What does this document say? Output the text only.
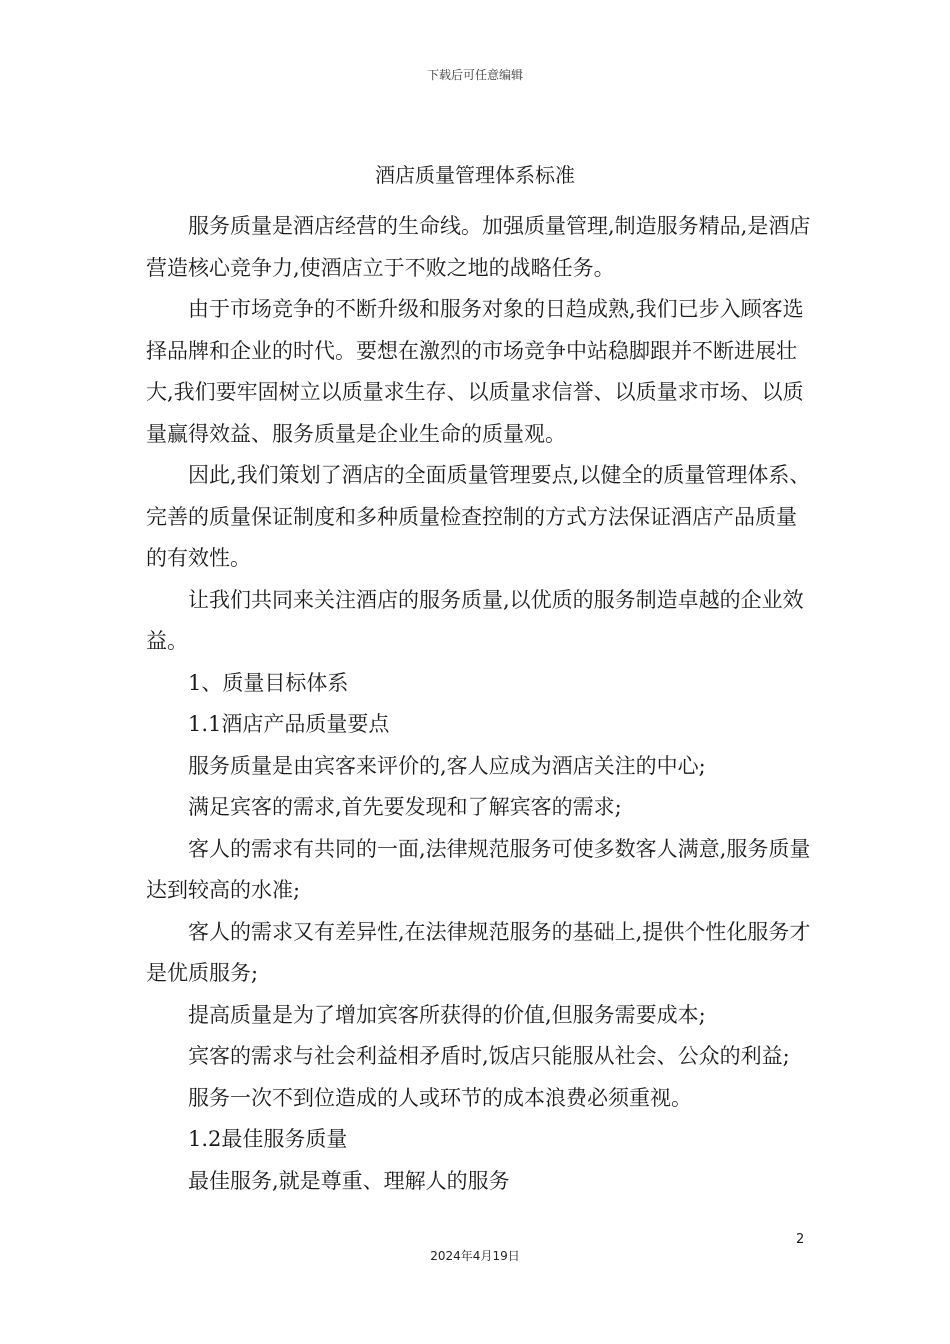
下载后可任意编辑
酒店质量管理体系标准

服务质量是酒店经营的生命线。加强质量管理,制造服务精品,是酒店营造核心竞争力,使酒店立于不败之地的战略任务。

由于市场竞争的不断升级和服务对象的日趋成熟,我们已步入顾客选择品牌和企业的时代。要想在激烈的市场竞争中站稳脚跟并不断进展壮大,我们要牢固树立以质量求生存、以质量求信誉、以质量求市场、以质量赢得效益、服务质量是企业生命的质量观。

因此,我们策划了酒店的全面质量管理要点,以健全的质量管理体系、完善的质量保证制度和多种质量检查控制的方式方法保证酒店产品质量的有效性。

让我们共同来关注酒店的服务质量,以优质的服务制造卓越的企业效益。

1、质量目标体系

1.1酒店产品质量要点

服务质量是由宾客来评价的,客人应成为酒店关注的中心;

满足宾客的需求,首先要发现和了解宾客的需求;

客人的需求有共同的一面,法律规范服务可使多数客人满意,服务质量达到较高的水准;

客人的需求又有差异性,在法律规范服务的基础上,提供个性化服务才是优质服务;

提高质量是为了增加宾客所获得的价值,但服务需要成本;

宾客的需求与社会利益相矛盾时,饭店只能服从社会、公众的利益;

服务一次不到位造成的人或环节的成本浪费必须重视。

1.2最佳服务质量

最佳服务,就是尊重、理解人的服务

2
2024年4月19日
